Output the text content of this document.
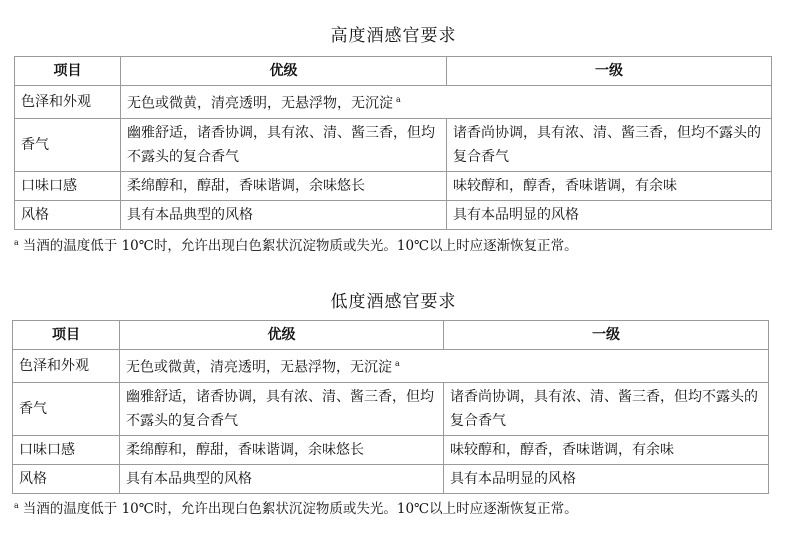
高度酒感官要求
项目	优级	一级
色泽和外观	无色或微黄，清亮透明，无悬浮物，无沉淀 $^a$
香气	幽雅舒适，诸香协调，具有浓、清、酱三香，但均不露头的复合香气	诸香尚协调，具有浓、清、酱三香，但均不露头的复合香气
口味口感	柔绵醇和，醇甜，香味谐调，余味悠长	味较醇和，醇香，香味谐调，有余味
风格	具有本品典型的风格	具有本品明显的风格
$^a$ 当酒的温度低于 10℃时，允许出现白色絮状沉淀物质或失光。10℃以上时应逐渐恢复正常。
低度酒感官要求
项目	优级	一级
色泽和外观	无色或微黄，清亮透明，无悬浮物，无沉淀 $^a$
香气	幽雅舒适，诸香协调，具有浓、清、酱三香，但均不露头的复合香气	诸香尚协调，具有浓、清、酱三香，但均不露头的复合香气
口味口感	柔绵醇和，醇甜，香味谐调，余味悠长	味较醇和，醇香，香味谐调，有余味
风格	具有本品典型的风格	具有本品明显的风格
$^a$ 当酒的温度低于 10℃时，允许出现白色絮状沉淀物质或失光。10℃以上时应逐渐恢复正常。
